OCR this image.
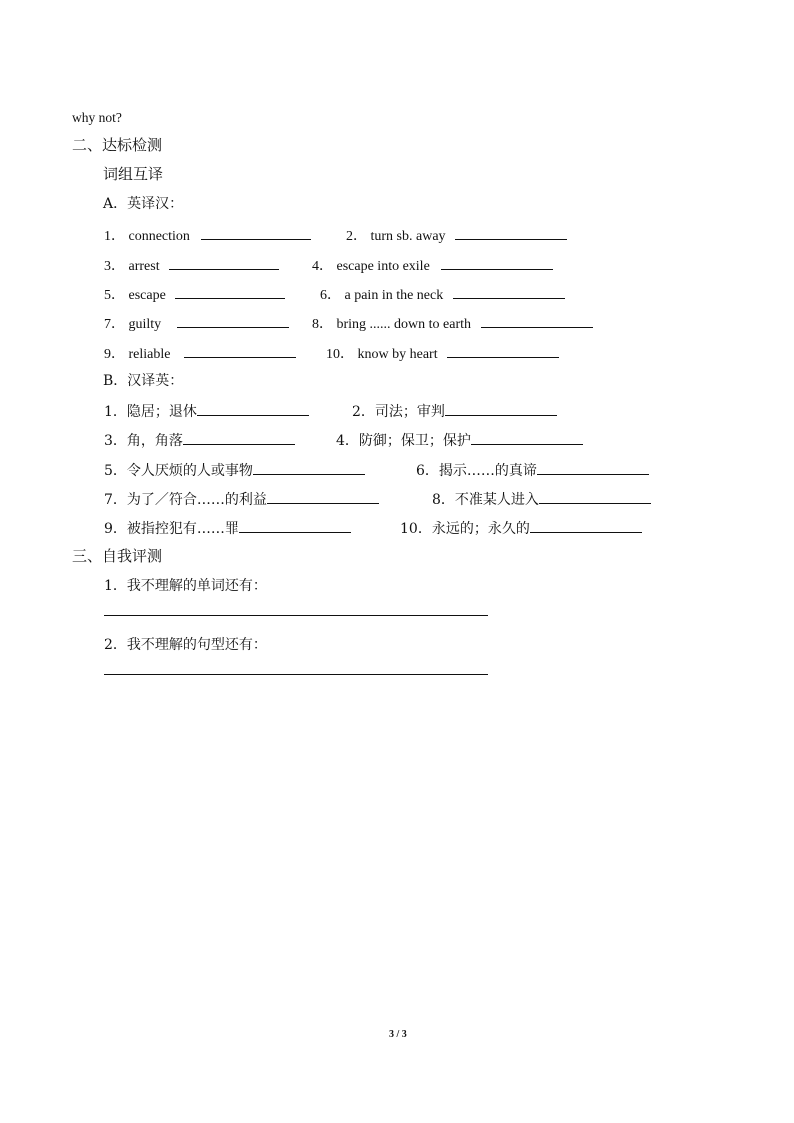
why not?
二、达标检测
词组互译
A．英译汉：
1． connection	2． turn sb. away
3． arrest	4． escape into exile
5． escape	6． a pain in the neck
7． guilty	8． bring ...... down to earth
9． reliable	10． know by heart
B．汉译英：
1．隐居；退休	2．司法；审判
3．角，角落	4．防御；保卫；保护
5．令人厌烦的人或事物	6．揭示……的真谛
7．为了／符合……的利益	8．不准某人进入
9．被指控犯有……罪	10．永远的；永久的
三、自我评测
1．我不理解的单词还有：
2．我不理解的句型还有：
3 / 3
